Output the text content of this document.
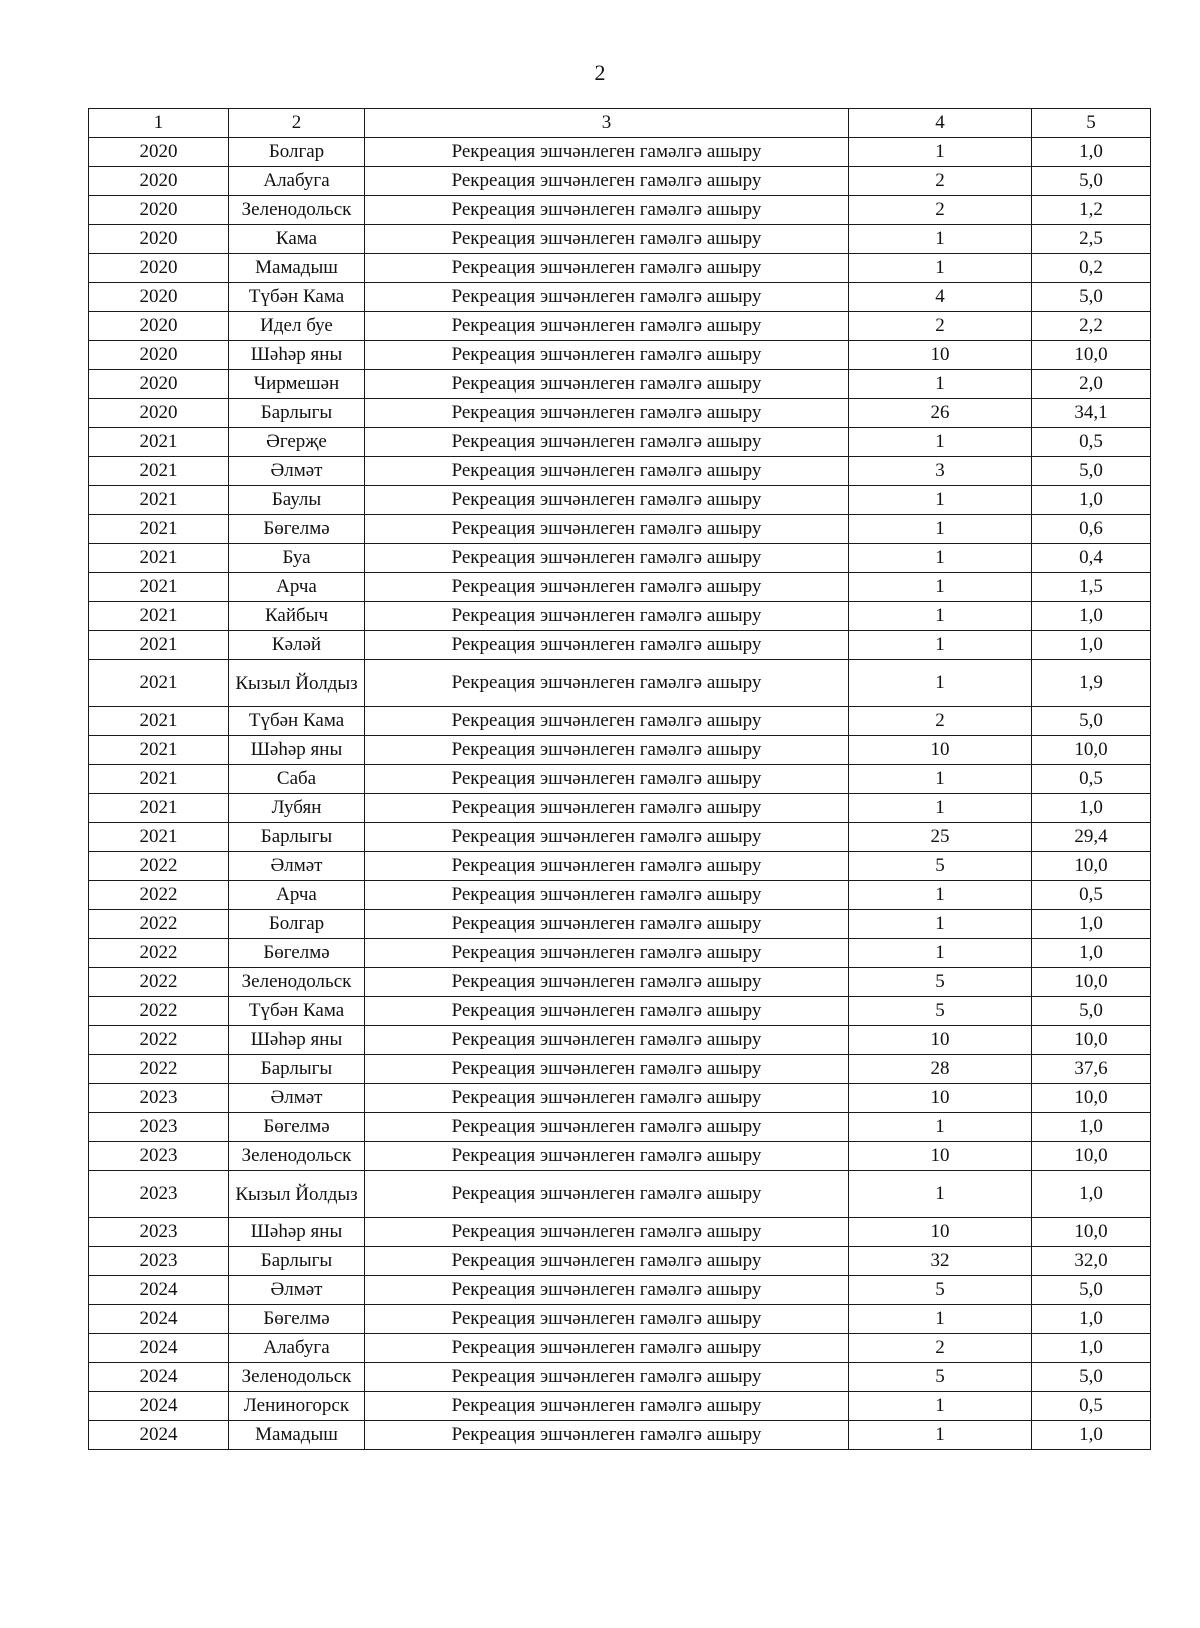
2
1	2	3	4	5
2020	Болгар	Рекреация эшчәнлеген гамәлгә ашыру	1	1,0
2020	Алабуга	Рекреация эшчәнлеген гамәлгә ашыру	2	5,0
2020	Зеленодольск	Рекреация эшчәнлеген гамәлгә ашыру	2	1,2
2020	Кама	Рекреация эшчәнлеген гамәлгә ашыру	1	2,5
2020	Мамадыш	Рекреация эшчәнлеген гамәлгә ашыру	1	0,2
2020	Түбән Кама	Рекреация эшчәнлеген гамәлгә ашыру	4	5,0
2020	Идел буе	Рекреация эшчәнлеген гамәлгә ашыру	2	2,2
2020	Шәһәр яны	Рекреация эшчәнлеген гамәлгә ашыру	10	10,0
2020	Чирмешән	Рекреация эшчәнлеген гамәлгә ашыру	1	2,0
2020	Барлыгы	Рекреация эшчәнлеген гамәлгә ашыру	26	34,1
2021	Әгерҗе	Рекреация эшчәнлеген гамәлгә ашыру	1	0,5
2021	Әлмәт	Рекреация эшчәнлеген гамәлгә ашыру	3	5,0
2021	Баулы	Рекреация эшчәнлеген гамәлгә ашыру	1	1,0
2021	Бөгелмә	Рекреация эшчәнлеген гамәлгә ашыру	1	0,6
2021	Буа	Рекреация эшчәнлеген гамәлгә ашыру	1	0,4
2021	Арча	Рекреация эшчәнлеген гамәлгә ашыру	1	1,5
2021	Кайбыч	Рекреация эшчәнлеген гамәлгә ашыру	1	1,0
2021	Кәләй	Рекреация эшчәнлеген гамәлгә ашыру	1	1,0
2021	Кызыл Йолдыз	Рекреация эшчәнлеген гамәлгә ашыру	1	1,9
2021	Түбән Кама	Рекреация эшчәнлеген гамәлгә ашыру	2	5,0
2021	Шәһәр яны	Рекреация эшчәнлеген гамәлгә ашыру	10	10,0
2021	Саба	Рекреация эшчәнлеген гамәлгә ашыру	1	0,5
2021	Лубян	Рекреация эшчәнлеген гамәлгә ашыру	1	1,0
2021	Барлыгы	Рекреация эшчәнлеген гамәлгә ашыру	25	29,4
2022	Әлмәт	Рекреация эшчәнлеген гамәлгә ашыру	5	10,0
2022	Арча	Рекреация эшчәнлеген гамәлгә ашыру	1	0,5
2022	Болгар	Рекреация эшчәнлеген гамәлгә ашыру	1	1,0
2022	Бөгелмә	Рекреация эшчәнлеген гамәлгә ашыру	1	1,0
2022	Зеленодольск	Рекреация эшчәнлеген гамәлгә ашыру	5	10,0
2022	Түбән Кама	Рекреация эшчәнлеген гамәлгә ашыру	5	5,0
2022	Шәһәр яны	Рекреация эшчәнлеген гамәлгә ашыру	10	10,0
2022	Барлыгы	Рекреация эшчәнлеген гамәлгә ашыру	28	37,6
2023	Әлмәт	Рекреация эшчәнлеген гамәлгә ашыру	10	10,0
2023	Бөгелмә	Рекреация эшчәнлеген гамәлгә ашыру	1	1,0
2023	Зеленодольск	Рекреация эшчәнлеген гамәлгә ашыру	10	10,0
2023	Кызыл Йолдыз	Рекреация эшчәнлеген гамәлгә ашыру	1	1,0
2023	Шәһәр яны	Рекреация эшчәнлеген гамәлгә ашыру	10	10,0
2023	Барлыгы	Рекреация эшчәнлеген гамәлгә ашыру	32	32,0
2024	Әлмәт	Рекреация эшчәнлеген гамәлгә ашыру	5	5,0
2024	Бөгелмә	Рекреация эшчәнлеген гамәлгә ашыру	1	1,0
2024	Алабуга	Рекреация эшчәнлеген гамәлгә ашыру	2	1,0
2024	Зеленодольск	Рекреация эшчәнлеген гамәлгә ашыру	5	5,0
2024	Лениногорск	Рекреация эшчәнлеген гамәлгә ашыру	1	0,5
2024	Мамадыш	Рекреация эшчәнлеген гамәлгә ашыру	1	1,0
